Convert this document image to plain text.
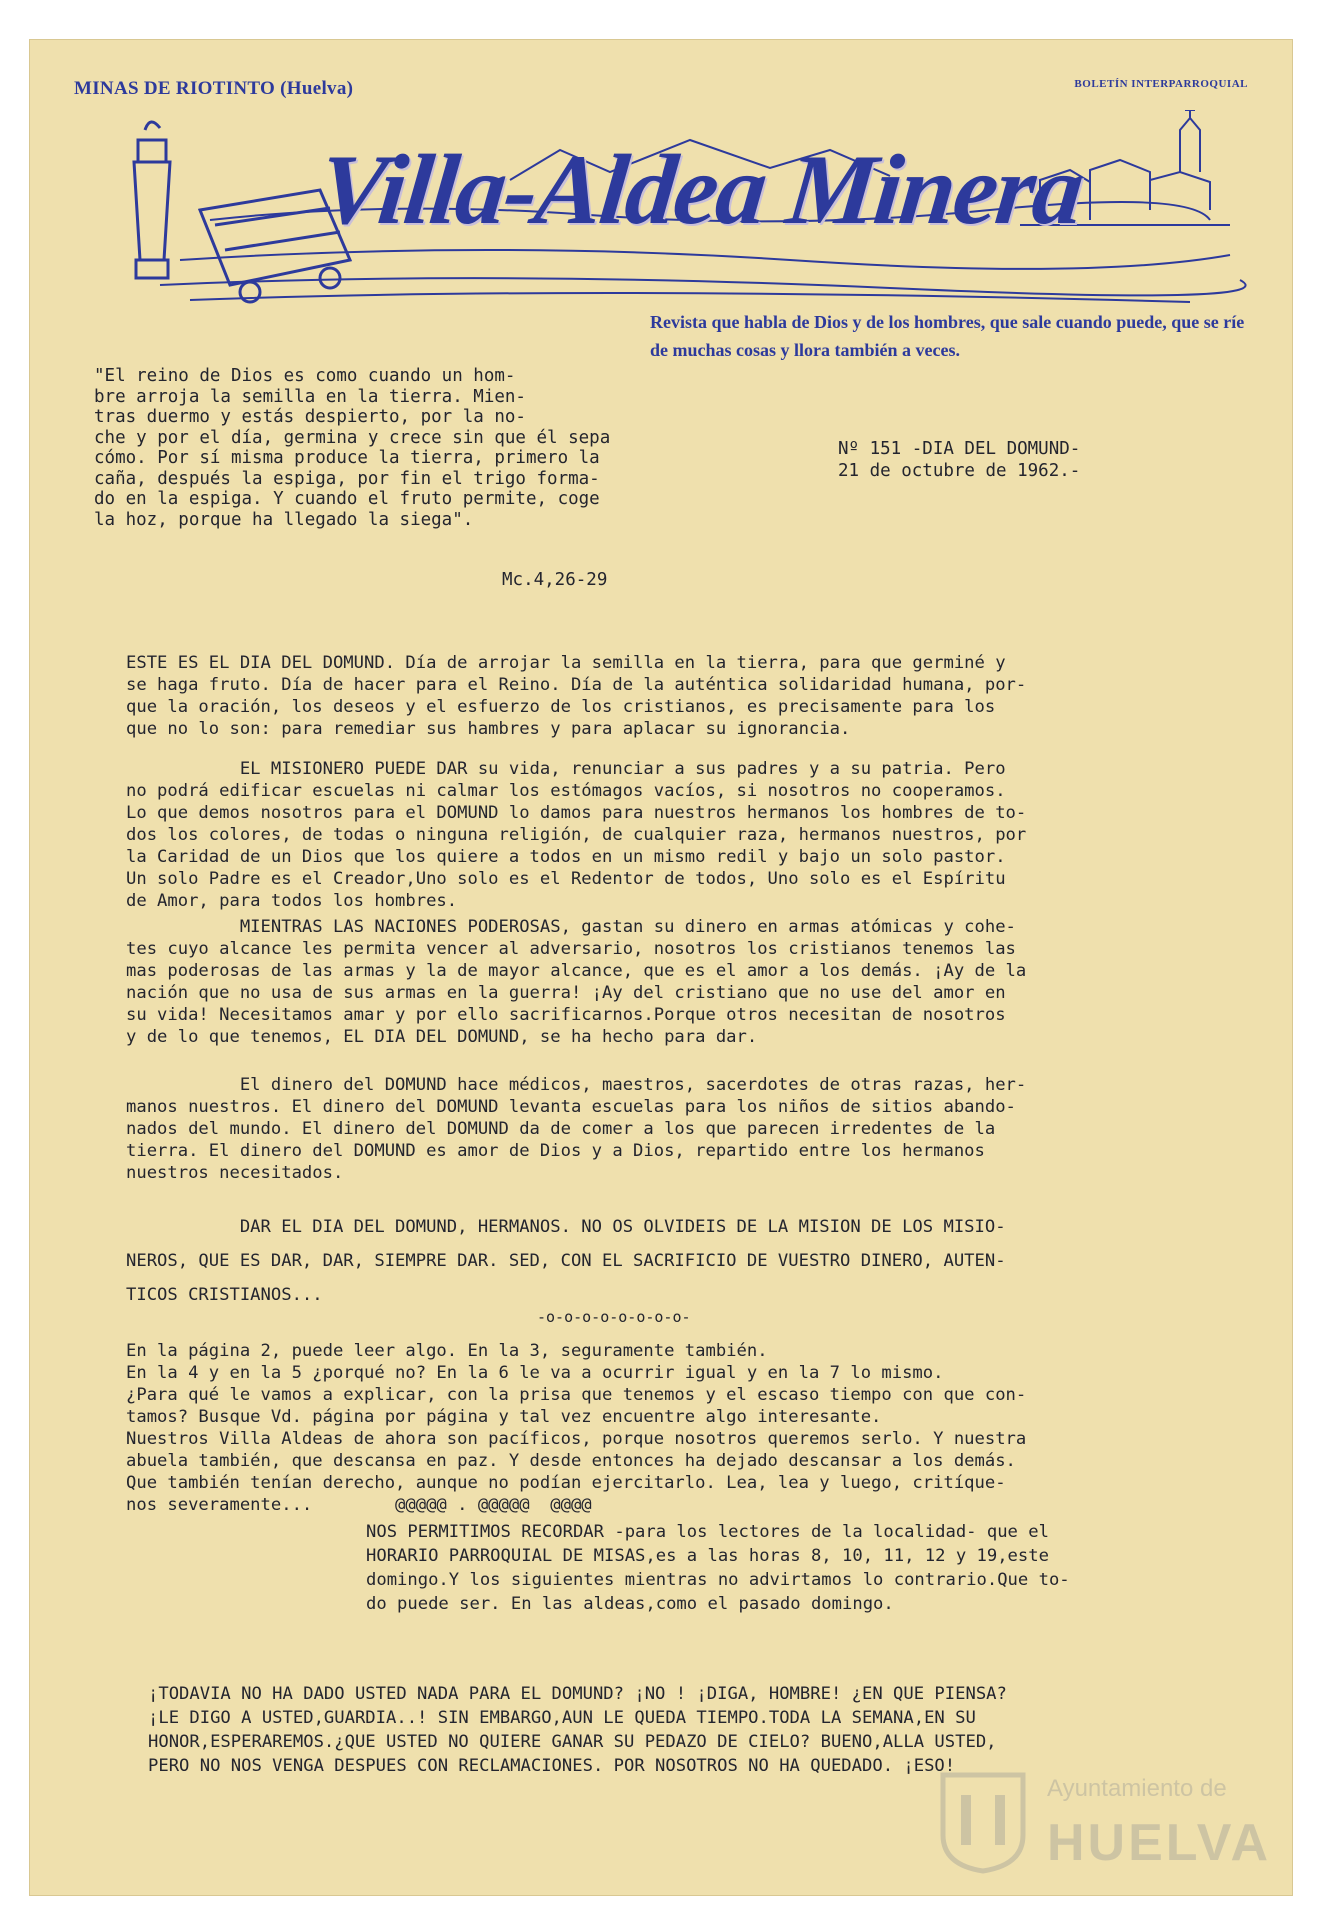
MINAS DE RIOTINTO (Huelva)	BOLETÍN INTERPARROQUIAL
Villa-Aldea Minera
Revista que habla de Dios y de los hombres, que sale cuando puede, que se ríe de muchas cosas y llora también a veces.
"El reino de Dios es como cuando un hom-
bre arroja la semilla en la tierra. Mien-
tras duermo y estás despierto, por la no-
che y por el día, germina y crece sin que él sepa
cómo. Por sí misma produce la tierra, primero la
caña, después la espiga, por fin el trigo forma-
do en la espiga. Y cuando el fruto permite, coge
la hoz, porque ha llegado la siega".
Mc.4,26-29
Nº 151 -DIA DEL DOMUND-
21 de octubre de 1962.-

ESTE ES EL DIA DEL DOMUND. Día de arrojar la semilla en la tierra, para que germiné y
se haga fruto. Día de hacer para el Reino. Día de la auténtica solidaridad humana, por-
que la oración, los deseos y el esfuerzo de los cristianos, es precisamente para los
que no lo son: para remediar sus hambres y para aplacar su ignorancia.

EL MISIONERO PUEDE DAR su vida, renunciar a sus padres y a su patria. Pero
no podrá edificar escuelas ni calmar los estómagos vacíos, si nosotros no cooperamos.
Lo que demos nosotros para el DOMUND lo damos para nuestros hermanos los hombres de to-
dos los colores, de todas o ninguna religión, de cualquier raza, hermanos nuestros, por
la Caridad de un Dios que los quiere a todos en un mismo redil y bajo un solo pastor.
Un solo Padre es el Creador,Uno solo es el Redentor de todos, Uno solo es el Espíritu
de Amor, para todos los hombres.

MIENTRAS LAS NACIONES PODEROSAS, gastan su dinero en armas atómicas y cohe-
tes cuyo alcance les permita vencer al adversario, nosotros los cristianos tenemos las
mas poderosas de las armas y la de mayor alcance, que es el amor a los demás. ¡Ay de la
nación que no usa de sus armas en la guerra! ¡Ay del cristiano que no use del amor en
su vida! Necesitamos amar y por ello sacrificarnos.Porque otros necesitan de nosotros
y de lo que tenemos, EL DIA DEL DOMUND, se ha hecho para dar.

El dinero del DOMUND hace médicos, maestros, sacerdotes de otras razas, her-
manos nuestros. El dinero del DOMUND levanta escuelas para los niños de sitios abando-
nados del mundo. El dinero del DOMUND da de comer a los que parecen irredentes de la
tierra. El dinero del DOMUND es amor de Dios y a Dios, repartido entre los hermanos
nuestros necesitados.

DAR EL DIA DEL DOMUND, HERMANOS. NO OS OLVIDEIS DE LA MISION DE LOS MISIO-
NEROS, QUE ES DAR, DAR, SIEMPRE DAR. SED, CON EL SACRIFICIO DE VUESTRO DINERO, AUTEN-
TICOS CRISTIANOS...

-o-o-o-o-o-o-o-o-

En la página 2, puede leer algo. En la 3, seguramente también.
En la 4 y en la 5 ¿porqué no? En la 6 le va a ocurrir igual y en la 7 lo mismo.
¿Para qué le vamos a explicar, con la prisa que tenemos y el escaso tiempo con que con-
tamos? Busque Vd. página por página y tal vez encuentre algo interesante.
Nuestros Villa Aldeas de ahora son pacíficos, porque nosotros queremos serlo. Y nuestra
abuela también, que descansa en paz. Y desde entonces ha dejado descansar a los demás.
Que también tenían derecho, aunque no podían ejercitarlo. Lea, lea y luego, critíque-
nos severamente...        @@@@@ . @@@@@  @@@@

NOS PERMITIMOS RECORDAR -para los lectores de la localidad- que el
HORARIO PARROQUIAL DE MISAS,es a las horas 8, 10, 11, 12 y 19,este
domingo.Y los siguientes mientras no advirtamos lo contrario.Que to-
do puede ser. En las aldeas,como el pasado domingo.

¡TODAVIA NO HA DADO USTED NADA PARA EL DOMUND? ¡NO ! ¡DIGA, HOMBRE! ¿EN QUE PIENSA?
¡LE DIGO A USTED,GUARDIA..! SIN EMBARGO,AUN LE QUEDA TIEMPO.TODA LA SEMANA,EN SU
HONOR,ESPERAREMOS.¿QUE USTED NO QUIERE GANAR SU PEDAZO DE CIELO? BUENO,ALLA USTED,
PERO NO NOS VENGA DESPUES CON RECLAMACIONES. POR NOSOTROS NO HA QUEDADO. ¡ESO!

Ayuntamiento de
HUELVA
